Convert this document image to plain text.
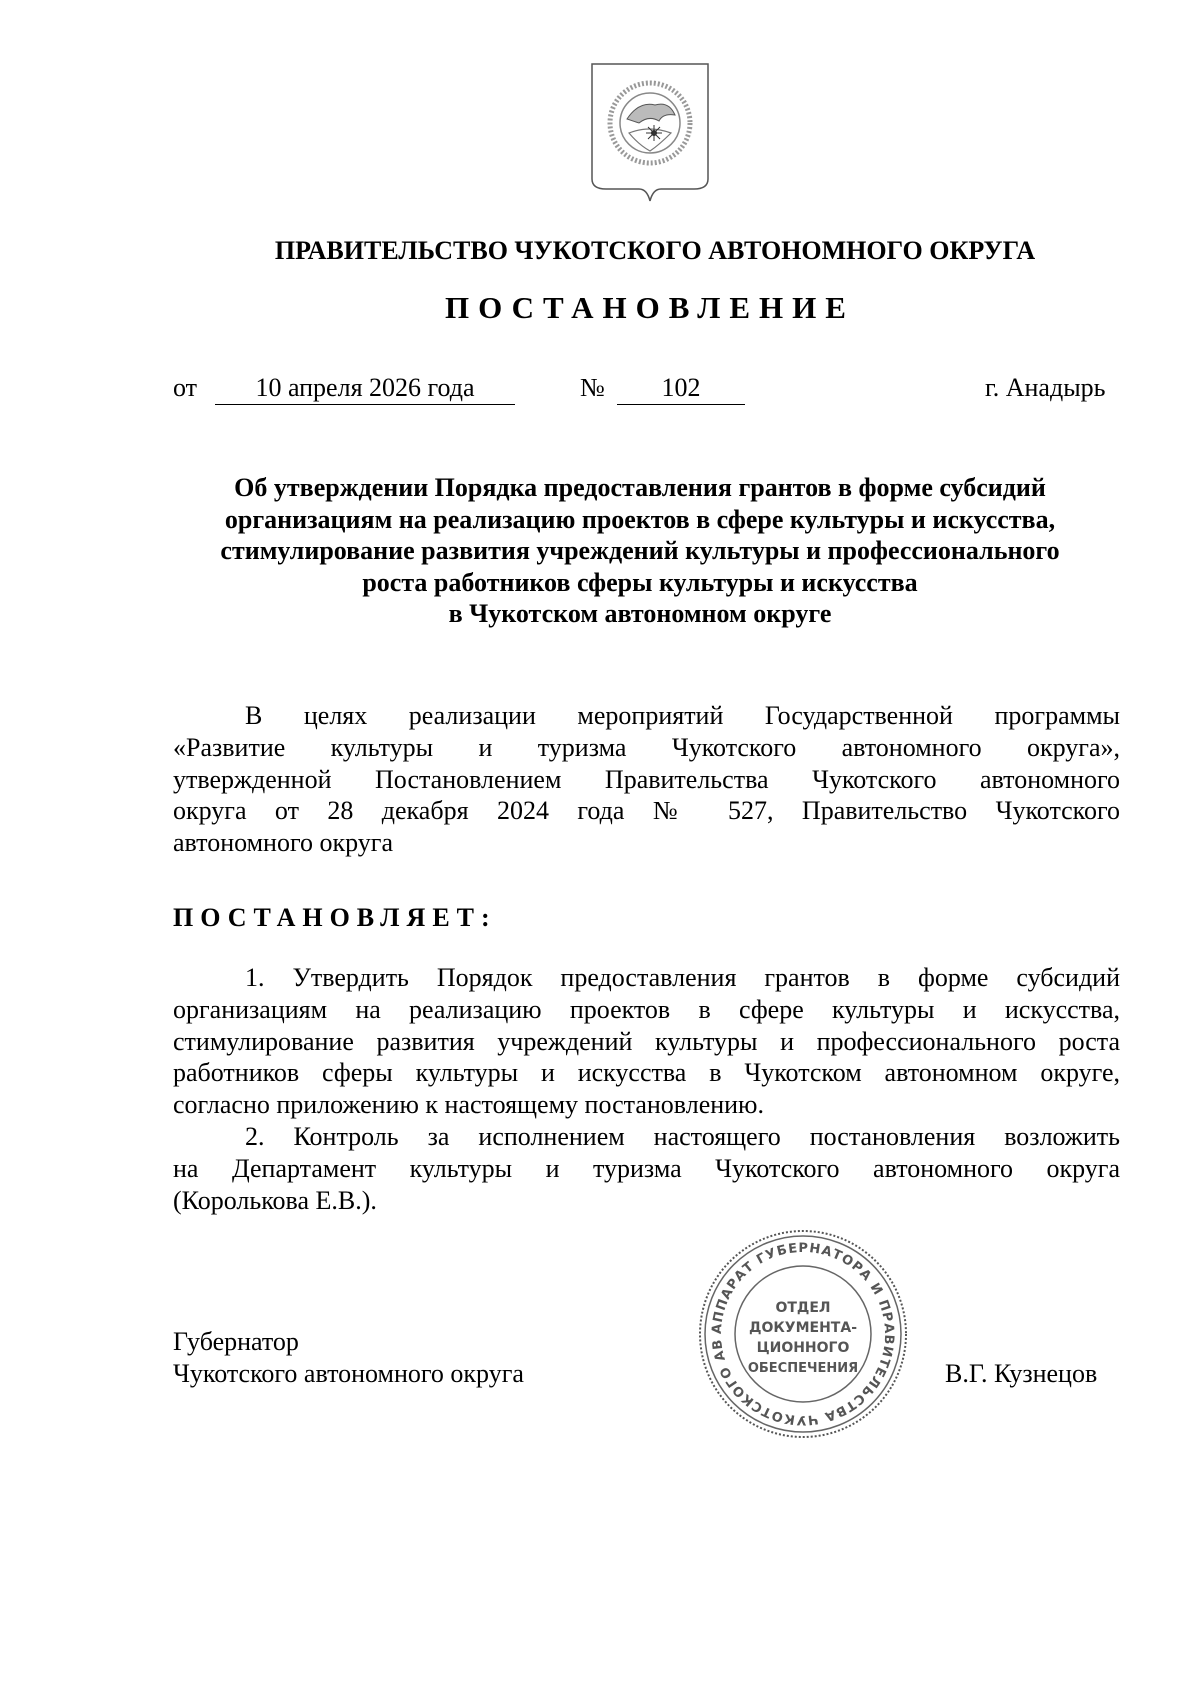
ПРАВИТЕЛЬСТВО ЧУКОТСКОГО АВТОНОМНОГО ОКРУГА
ПОСТАНОВЛЕНИЕ
от	10 апреля 2026 года	№	102	г. Анадырь
Об утверждении Порядка предоставления грантов в форме субсидий
организациям на реализацию проектов в сфере культуры и искусства,
стимулирование развития учреждений культуры и профессионального
роста работников сферы культуры и искусства
в Чукотском автономном округе
В целях реализации мероприятий Государственной программы
«Развитие культуры и туризма Чукотского автономного округа»,
утвержденной Постановлением Правительства Чукотского автономного
округа от 28 декабря 2024 года № 527, Правительство Чукотского
автономного округа
ПОСТАНОВЛЯЕТ:
1. Утвердить Порядок предоставления грантов в форме субсидий
организациям на реализацию проектов в сфере культуры и искусства,
стимулирование развития учреждений культуры и профессионального роста
работников сферы культуры и искусства в Чукотском автономном округе,
согласно приложению к настоящему постановлению.
2. Контроль за исполнением настоящего постановления возложить
на Департамент культуры и туризма Чукотского автономного округа
(Королькова Е.В.).
Губернатор
Чукотского автономного округа	В.Г. Кузнецов
АППАРАТ ГУБЕРНАТОРА И ПРАВИТЕЛЬСТВА ЧУКОТСКОГО АВ
ОТДЕЛ
ДОКУМЕНТА-
ЦИОННОГО
ОБЕСПЕЧЕНИЯ
